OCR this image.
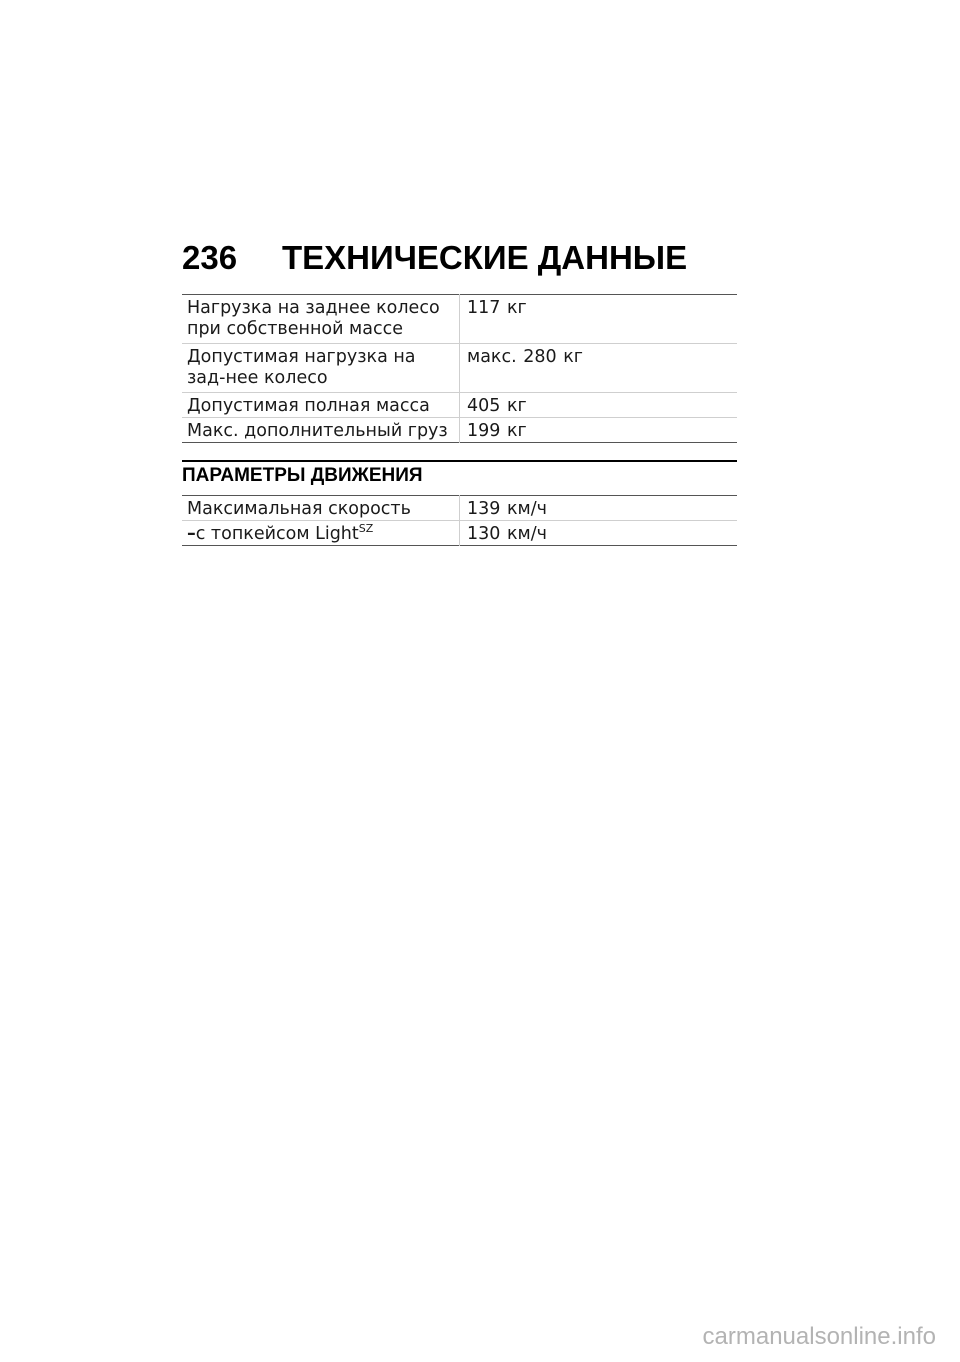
236 ТЕХНИЧЕСКИЕ ДАННЫЕ
Нагрузка на заднее колесо при собственной массе	117 кг
Допустимая нагрузка на зад-нее колесо	макс. 280 кг
Допустимая полная масса	405 кг
Макс. дополнительный груз	199 кг
ПАРАМЕТРЫ ДВИЖЕНИЯ
Максимальная скорость	139 км/ч
–с топкейсом Light$^{SZ}$	130 км/ч
carmanualsonline.info
